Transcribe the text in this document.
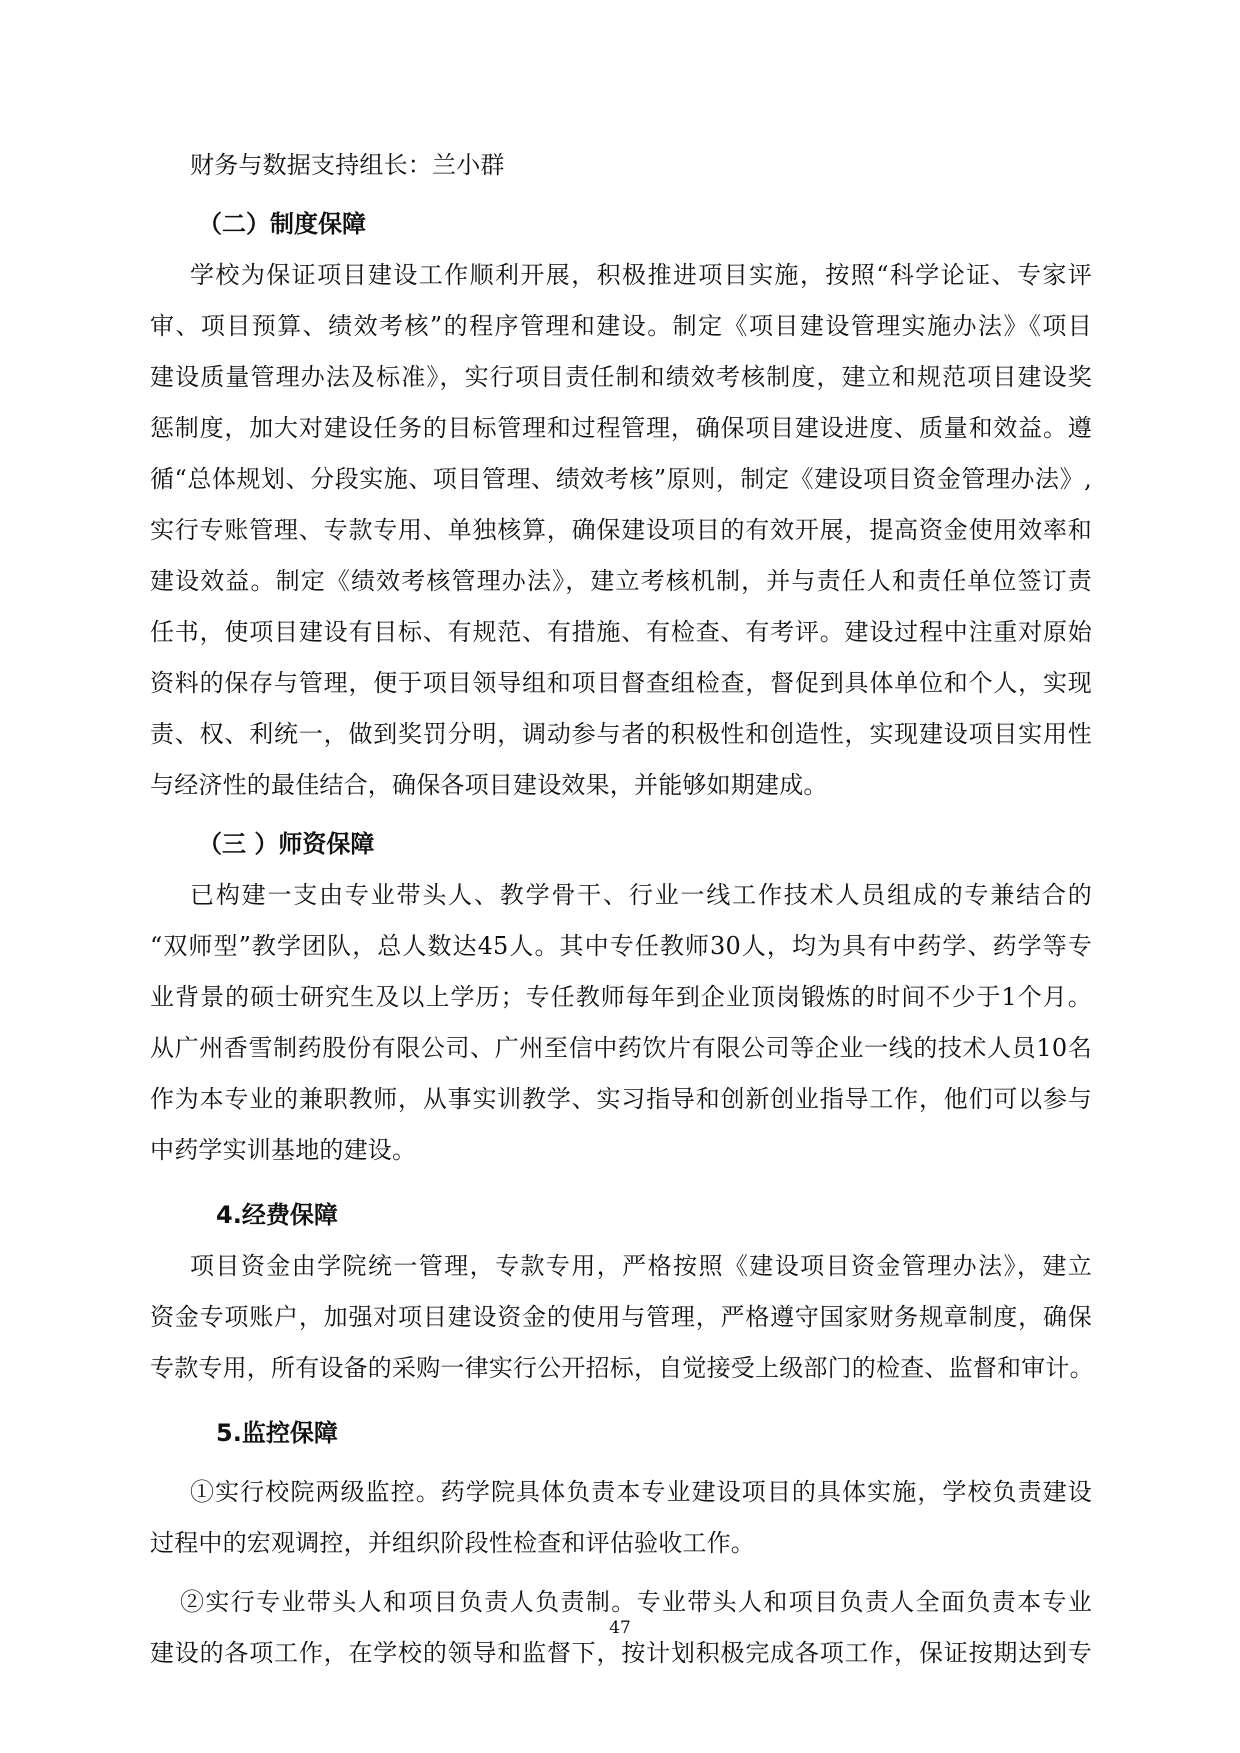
财务与数据支持组长：兰小群
（二）制度保障
学校为保证项目建设工作顺利开展，积极推进项目实施，按照“科学论证、专家评
审、项目预算、绩效考核”的程序管理和建设。制定《项目建设管理实施办法》《项目
建设质量管理办法及标准》，实行项目责任制和绩效考核制度，建立和规范项目建设奖
惩制度，加大对建设任务的目标管理和过程管理，确保项目建设进度、质量和效益。遵
循“总体规划、分段实施、项目管理、绩效考核”原则，制定《建设项目资金管理办法》,
实行专账管理、专款专用、单独核算，确保建设项目的有效开展，提高资金使用效率和
建设效益。制定《绩效考核管理办法》，建立考核机制，并与责任人和责任单位签订责
任书，使项目建设有目标、有规范、有措施、有检查、有考评。建设过程中注重对原始
资料的保存与管理，便于项目领导组和项目督查组检查，督促到具体单位和个人，实现
责、权、利统一，做到奖罚分明，调动参与者的积极性和创造性，实现建设项目实用性
与经济性的最佳结合，确保各项目建设效果，并能够如期建成。
（三 ）师资保障
已构建一支由专业带头人、教学骨干、行业一线工作技术人员组成的专兼结合的
“双师型”教学团队，总人数达45人。其中专任教师30人，均为具有中药学、药学等专
业背景的硕士研究生及以上学历；专任教师每年到企业顶岗锻炼的时间不少于1个月。
从广州香雪制药股份有限公司、广州至信中药饮片有限公司等企业一线的技术人员10名
作为本专业的兼职教师，从事实训教学、实习指导和创新创业指导工作，他们可以参与
中药学实训基地的建设。
4.经费保障
项目资金由学院统一管理，专款专用，严格按照《建设项目资金管理办法》，建立
资金专项账户，加强对项目建设资金的使用与管理，严格遵守国家财务规章制度，确保
专款专用，所有设备的采购一律实行公开招标，自觉接受上级部门的检查、监督和审计。
5.监控保障
①实行校院两级监控。药学院具体负责本专业建设项目的具体实施，学校负责建设
过程中的宏观调控，并组织阶段性检查和评估验收工作。
②实行专业带头人和项目负责人负责制。专业带头人和项目负责人全面负责本专业
建设的各项工作，在学校的领导和监督下，按计划积极完成各项工作，保证按期达到专
47
